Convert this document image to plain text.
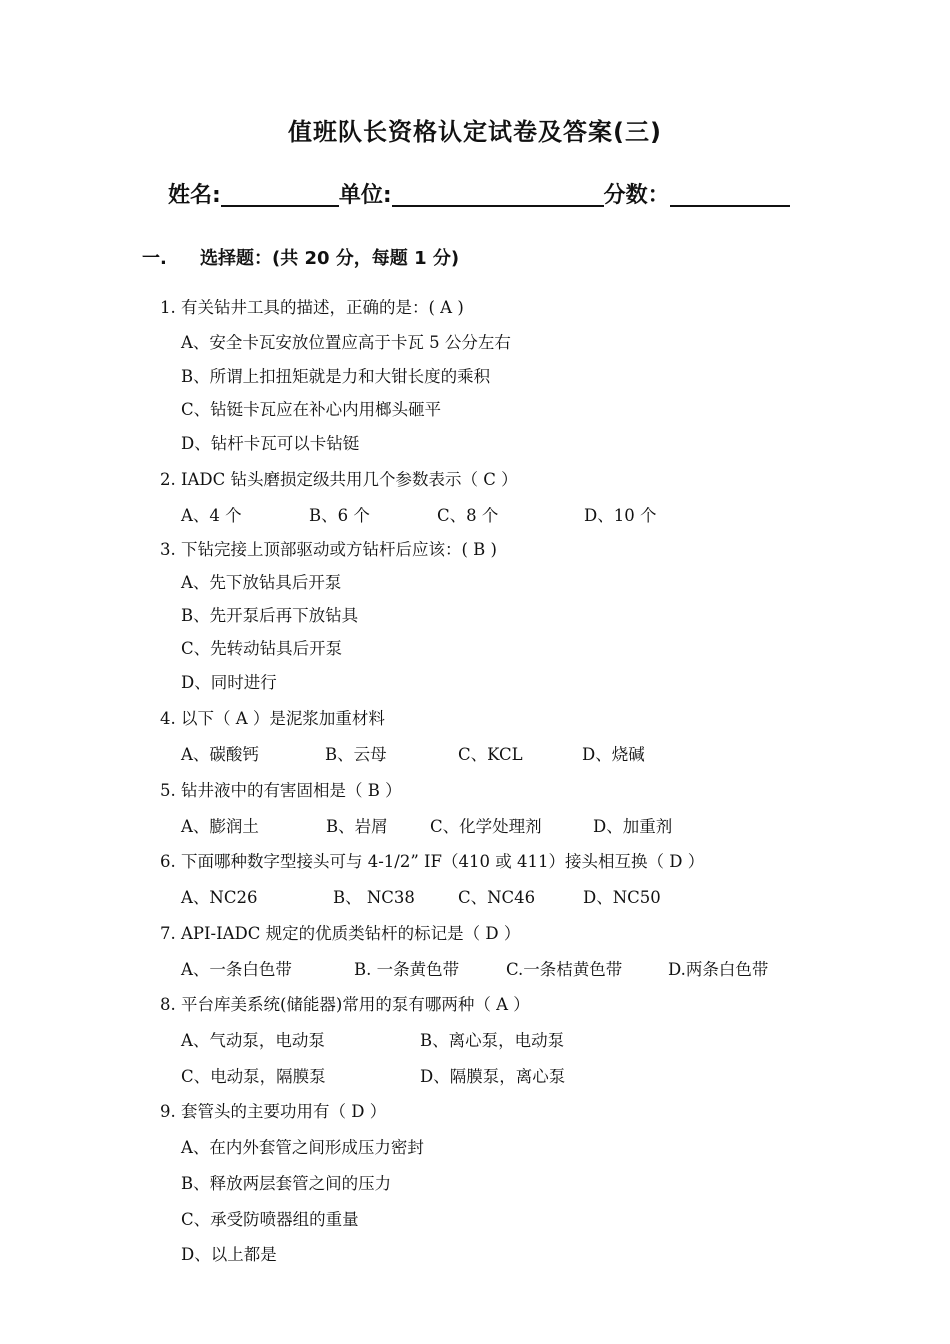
值班队长资格认定试卷及答案(三)
姓名:	单位:	分数：
一. 选择题：(共 20 分，每题 1 分)
1. 有关钻井工具的描述，正确的是：( A )
A、安全卡瓦安放位置应高于卡瓦 5 公分左右
B、所谓上扣扭矩就是力和大钳长度的乘积
C、钻铤卡瓦应在补心内用榔头砸平
D、钻杆卡瓦可以卡钻铤
2. IADC 钻头磨损定级共用几个参数表示（ C ）
A、4 个	B、6 个	C、8 个	D、10 个
3. 下钻完接上顶部驱动或方钻杆后应该：( B )
A、先下放钻具后开泵
B、先开泵后再下放钻具
C、先转动钻具后开泵
D、同时进行
4. 以下（ A ）是泥浆加重材料
A、碳酸钙	B、云母	C、KCL	D、烧碱
5. 钻井液中的有害固相是（ B ）
A、膨润土	B、岩屑	C、化学处理剂	D、加重剂
6. 下面哪种数字型接头可与 4-1/2” IF（410 或 411）接头相互换（ D ）
A、NC26	B、 NC38	C、NC46	D、NC50
7. API-IADC 规定的优质类钻杆的标记是（ D ）
A、一条白色带	B. 一条黄色带	C.一条桔黄色带	D.两条白色带
8. 平台库美系统(储能器)常用的泵有哪两种（ A ）
A、气动泵，电动泵	B、离心泵，电动泵
C、电动泵，隔膜泵	D、隔膜泵，离心泵
9. 套管头的主要功用有（ D ）
A、在内外套管之间形成压力密封
B、释放两层套管之间的压力
C、承受防喷器组的重量
D、以上都是
